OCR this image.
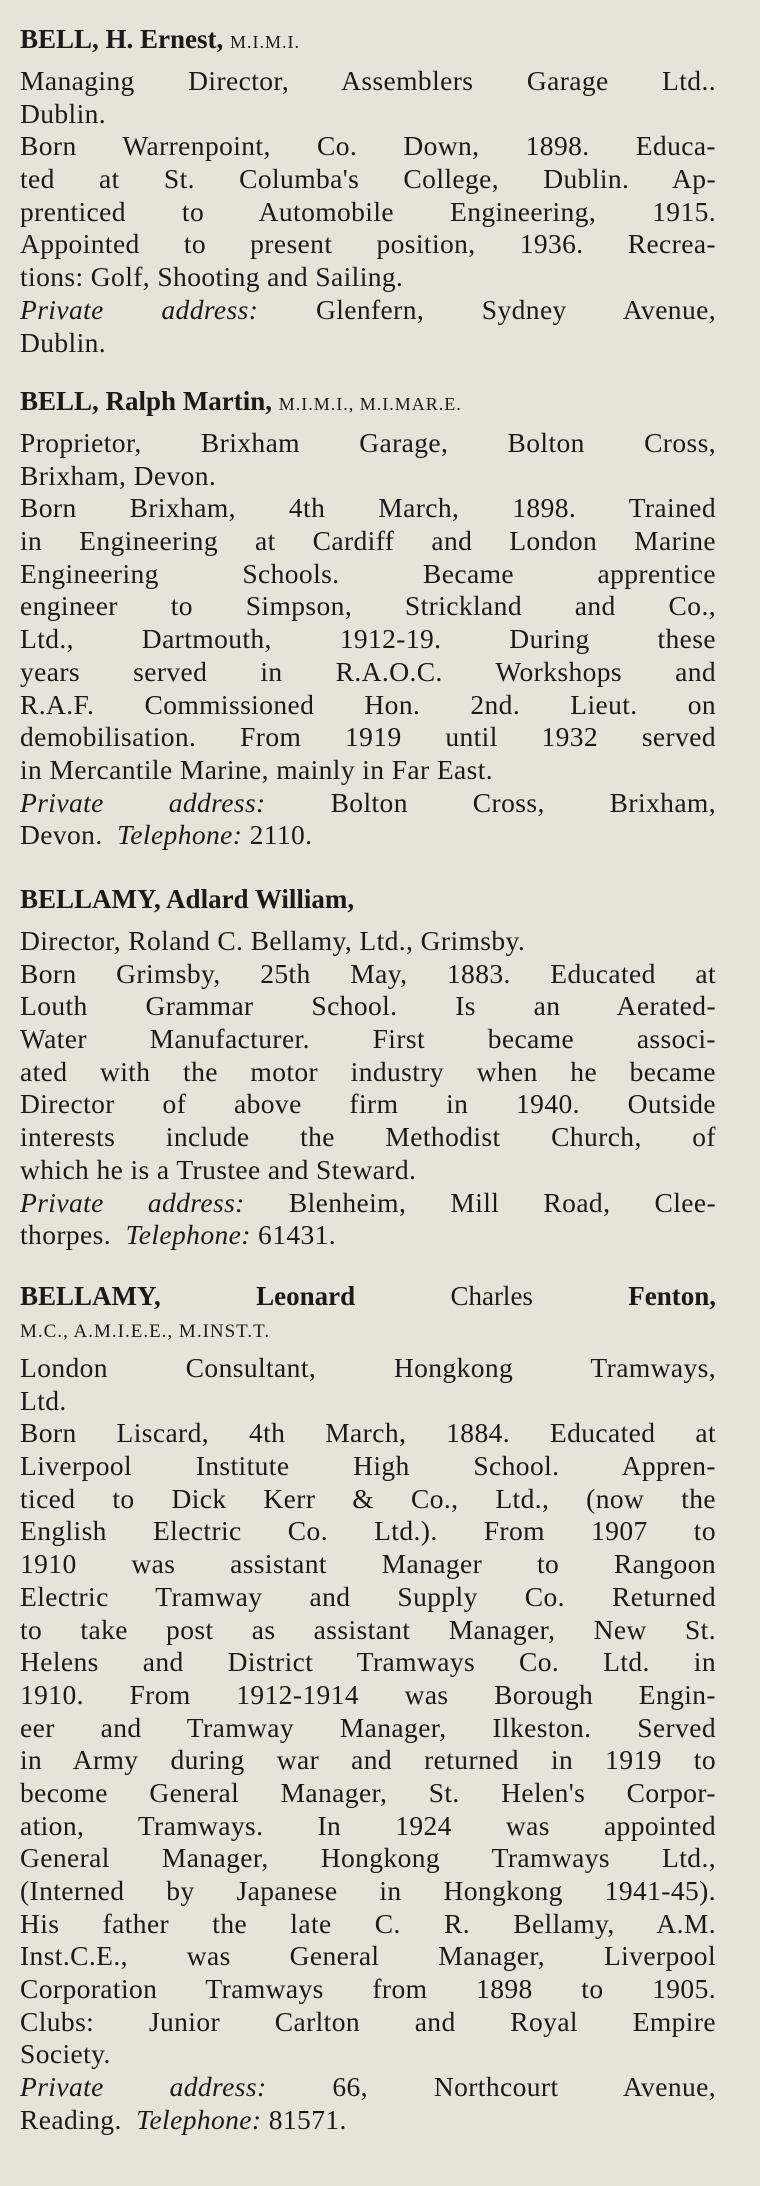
BELL, H. Ernest, M.I.M.I.
Managing Director, Assemblers Garage Ltd..
Dublin.
Born Warrenpoint, Co. Down, 1898. Educa-
ted at St. Columba's College, Dublin. Ap-
prenticed to Automobile Engineering, 1915.
Appointed to present position, 1936. Recrea-
tions: Golf, Shooting and Sailing.
Private address: Glenfern, Sydney Avenue,
Dublin.
BELL, Ralph Martin, M.I.M.I., M.I.MAR.E.
Proprietor, Brixham Garage, Bolton Cross,
Brixham, Devon.
Born Brixham, 4th March, 1898. Trained
in Engineering at Cardiff and London Marine
Engineering Schools. Became apprentice
engineer to Simpson, Strickland and Co.,
Ltd., Dartmouth, 1912-19. During these
years served in R.A.O.C. Workshops and
R.A.F. Commissioned Hon. 2nd. Lieut. on
demobilisation. From 1919 until 1932 served
in Mercantile Marine, mainly in Far East.
Private address: Bolton Cross, Brixham,
Devon.  Telephone: 2110.
BELLAMY, Adlard William,
Director, Roland C. Bellamy, Ltd., Grimsby.
Born Grimsby, 25th May, 1883. Educated at
Louth Grammar School. Is an Aerated-
Water Manufacturer. First became associ-
ated with the motor industry when he became
Director of above firm in 1940. Outside
interests include the Methodist Church, of
which he is a Trustee and Steward.
Private address: Blenheim, Mill Road, Clee-
thorpes.  Telephone: 61431.
BELLAMY, Leonard	Charles	Fenton,
M.C., A.M.I.E.E., M.INST.T.
London Consultant, Hongkong Tramways,
Ltd.
Born Liscard, 4th March, 1884. Educated at
Liverpool Institute High School. Appren-
ticed to Dick Kerr & Co., Ltd., (now the
English Electric Co. Ltd.). From 1907 to
1910 was assistant Manager to Rangoon
Electric Tramway and Supply Co. Returned
to take post as assistant Manager, New St.
Helens and District Tramways Co. Ltd. in
1910. From 1912-1914 was Borough Engin-
eer and Tramway Manager, Ilkeston. Served
in Army during war and returned in 1919 to
become General Manager, St. Helen's Corpor-
ation, Tramways. In 1924 was appointed
General Manager, Hongkong Tramways Ltd.,
(Interned by Japanese in Hongkong 1941-45).
His father the late C. R. Bellamy, A.M.
Inst.C.E., was General Manager, Liverpool
Corporation Tramways from 1898 to 1905.
Clubs: Junior Carlton and Royal Empire
Society.
Private address: 66, Northcourt Avenue,
Reading.  Telephone: 81571.
